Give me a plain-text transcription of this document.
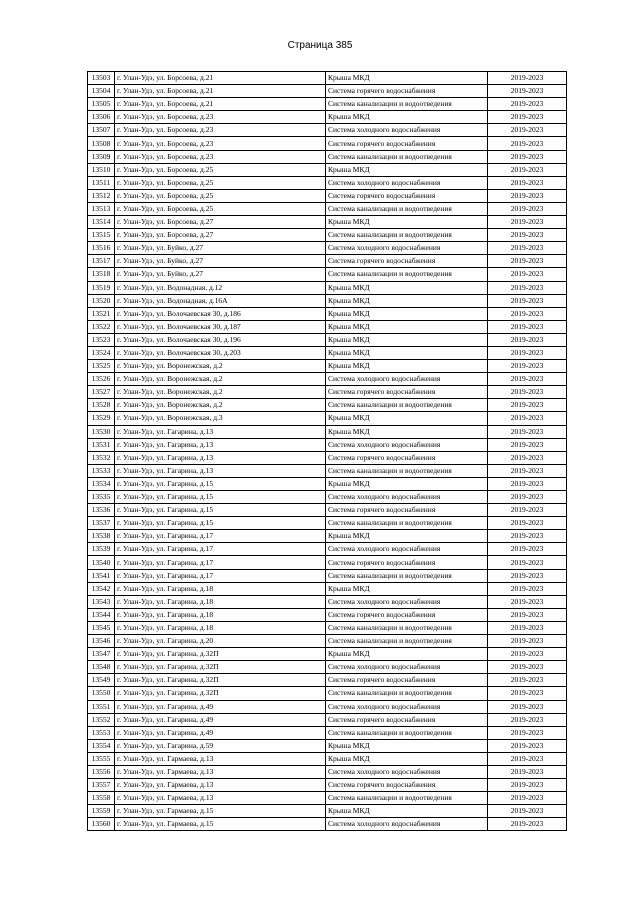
Страница 385
13503	г. Улан-Удэ, ул. Борсоева, д.21	Крыша МКД	2019-2023
13504	г. Улан-Удэ, ул. Борсоева, д.21	Система горячего водоснабжения	2019-2023
13505	г. Улан-Удэ, ул. Борсоева, д.21	Система канализации и водоотведения	2019-2023
13506	г. Улан-Удэ, ул. Борсоева, д.23	Крыша МКД	2019-2023
13507	г. Улан-Удэ, ул. Борсоева, д.23	Система холодного водоснабжения	2019-2023
13508	г. Улан-Удэ, ул. Борсоева, д.23	Система горячего водоснабжения	2019-2023
13509	г. Улан-Удэ, ул. Борсоева, д.23	Система канализации и водоотведения	2019-2023
13510	г. Улан-Удэ, ул. Борсоева, д.25	Крыша МКД	2019-2023
13511	г. Улан-Удэ, ул. Борсоева, д.25	Система холодного водоснабжения	2019-2023
13512	г. Улан-Удэ, ул. Борсоева, д.25	Система горячего водоснабжения	2019-2023
13513	г. Улан-Удэ, ул. Борсоева, д.25	Система канализации и водоотведения	2019-2023
13514	г. Улан-Удэ, ул. Борсоева, д.27	Крыша МКД	2019-2023
13515	г. Улан-Удэ, ул. Борсоева, д.27	Система канализации и водоотведения	2019-2023
13516	г. Улан-Удэ, ул. Буйко, д.27	Система холодного водоснабжения	2019-2023
13517	г. Улан-Удэ, ул. Буйко, д.27	Система горячего водоснабжения	2019-2023
13518	г. Улан-Удэ, ул. Буйко, д.27	Система канализации и водоотведения	2019-2023
13519	г. Улан-Удэ, ул. Водонадная, д.12	Крыша МКД	2019-2023
13520	г. Улан-Удэ, ул. Водонадная, д.16А	Крыша МКД	2019-2023
13521	г. Улан-Удэ, ул. Волочаевская 30, д.186	Крыша МКД	2019-2023
13522	г. Улан-Удэ, ул. Волочаевская 30, д.187	Крыша МКД	2019-2023
13523	г. Улан-Удэ, ул. Волочаевская 30, д.196	Крыша МКД	2019-2023
13524	г. Улан-Удэ, ул. Волочаевская 30, д.203	Крыша МКД	2019-2023
13525	г. Улан-Удэ, ул. Воронежская, д.2	Крыша МКД	2019-2023
13526	г. Улан-Удэ, ул. Воронежская, д.2	Система холодного водоснабжения	2019-2023
13527	г. Улан-Удэ, ул. Воронежская, д.2	Система горячего водоснабжения	2019-2023
13528	г. Улан-Удэ, ул. Воронежская, д.2	Система канализации и водоотведения	2019-2023
13529	г. Улан-Удэ, ул. Воронежская, д.3	Крыша МКД	2019-2023
13530	г. Улан-Удэ, ул. Гагарина, д.13	Крыша МКД	2019-2023
13531	г. Улан-Удэ, ул. Гагарина, д.13	Система холодного водоснабжения	2019-2023
13532	г. Улан-Удэ, ул. Гагарина, д.13	Система горячего водоснабжения	2019-2023
13533	г. Улан-Удэ, ул. Гагарина, д.13	Система канализации и водоотведения	2019-2023
13534	г. Улан-Удэ, ул. Гагарина, д.15	Крыша МКД	2019-2023
13535	г. Улан-Удэ, ул. Гагарина, д.15	Система холодного водоснабжения	2019-2023
13536	г. Улан-Удэ, ул. Гагарина, д.15	Система горячего водоснабжения	2019-2023
13537	г. Улан-Удэ, ул. Гагарина, д.15	Система канализации и водоотведения	2019-2023
13538	г. Улан-Удэ, ул. Гагарина, д.17	Крыша МКД	2019-2023
13539	г. Улан-Удэ, ул. Гагарина, д.17	Система холодного водоснабжения	2019-2023
13540	г. Улан-Удэ, ул. Гагарина, д.17	Система горячего водоснабжения	2019-2023
13541	г. Улан-Удэ, ул. Гагарина, д.17	Система канализации и водоотведения	2019-2023
13542	г. Улан-Удэ, ул. Гагарина, д.18	Крыша МКД	2019-2023
13543	г. Улан-Удэ, ул. Гагарина, д.18	Система холодного водоснабжения	2019-2023
13544	г. Улан-Удэ, ул. Гагарина, д.18	Система горячего водоснабжения	2019-2023
13545	г. Улан-Удэ, ул. Гагарина, д.18	Система канализации и водоотведения	2019-2023
13546	г. Улан-Удэ, ул. Гагарина, д.20	Система канализации и водоотведения	2019-2023
13547	г. Улан-Удэ, ул. Гагарина, д.32П	Крыша МКД	2019-2023
13548	г. Улан-Удэ, ул. Гагарина, д.32П	Система холодного водоснабжения	2019-2023
13549	г. Улан-Удэ, ул. Гагарина, д.32П	Система горячего водоснабжения	2019-2023
13550	г. Улан-Удэ, ул. Гагарина, д.32П	Система канализации и водоотведения	2019-2023
13551	г. Улан-Удэ, ул. Гагарина, д.49	Система холодного водоснабжения	2019-2023
13552	г. Улан-Удэ, ул. Гагарина, д.49	Система горячего водоснабжения	2019-2023
13553	г. Улан-Удэ, ул. Гагарина, д.49	Система канализации и водоотведения	2019-2023
13554	г. Улан-Удэ, ул. Гагарина, д.59	Крыша МКД	2019-2023
13555	г. Улан-Удэ, ул. Гармаева, д.13	Крыша МКД	2019-2023
13556	г. Улан-Удэ, ул. Гармаева, д.13	Система холодного водоснабжения	2019-2023
13557	г. Улан-Удэ, ул. Гармаева, д.13	Система горячего водоснабжения	2019-2023
13558	г. Улан-Удэ, ул. Гармаева, д.13	Система канализации и водоотведения	2019-2023
13559	г. Улан-Удэ, ул. Гармаева, д.15	Крыша МКД	2019-2023
13560	г. Улан-Удэ, ул. Гармаева, д.15	Система холодного водоснабжения	2019-2023
